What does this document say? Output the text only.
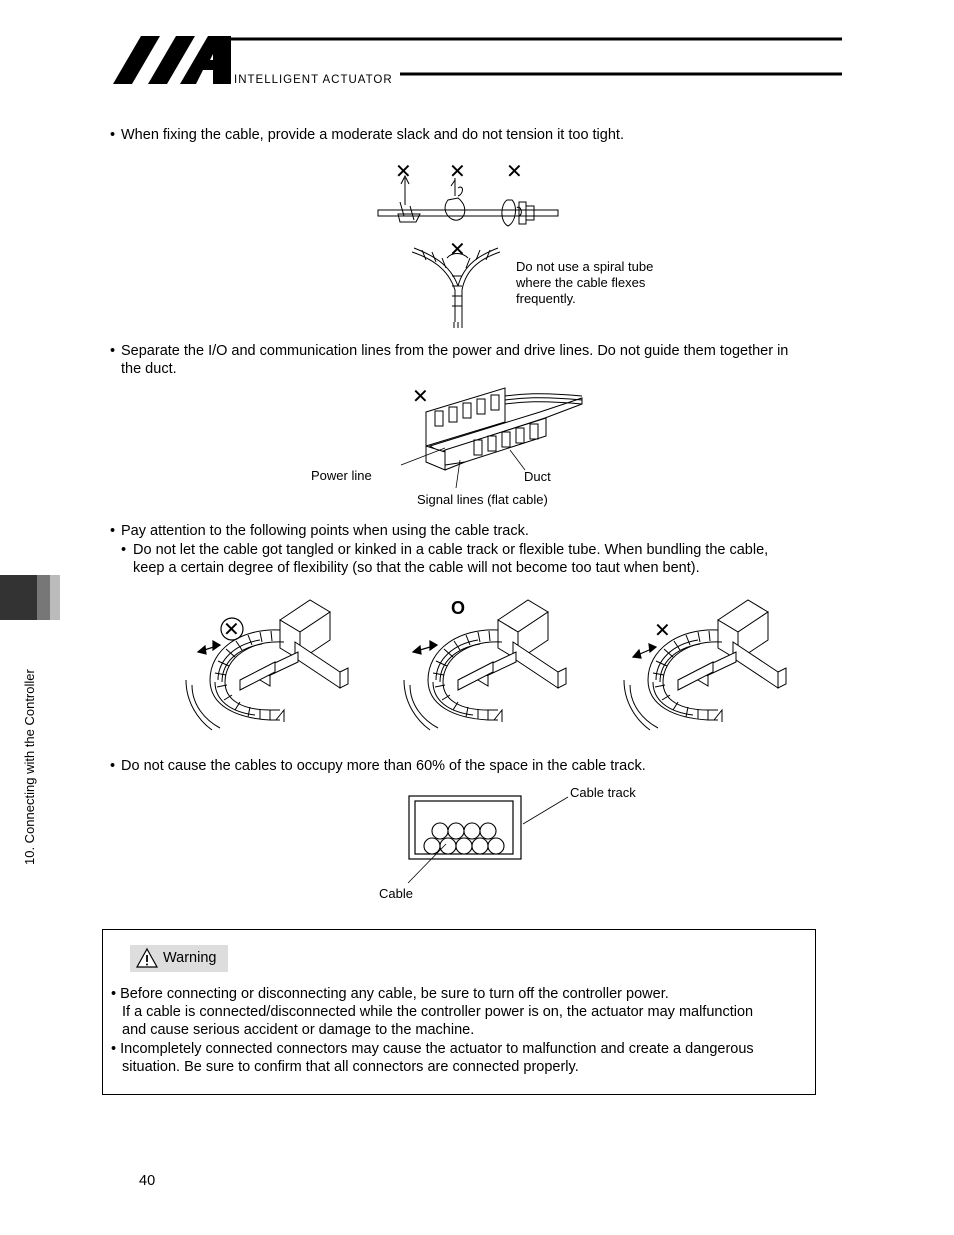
INTELLIGENT ACTUATOR
• When fixing the cable, provide a moderate slack and do not tension it too tight.
✕ ✕ ✕
✕
Do not use a spiral tube
where the cable flexes
frequently.
• Separate the I/O and communication lines from the power and drive lines. Do not guide them together in
the duct.
✕
Power line	Duct
Signal lines (flat cable)
• Pay attention to the following points when using the cable track.
• Do not let the cable got tangled or kinked in a cable track or flexible tube. When bundling the cable,
keep a certain degree of flexibility (so that the cable will not become too taut when bent).
✕
O
✕
• Do not cause the cables to occupy more than 60% of the space in the cable track.
Cable track
Cable
Warning
• Before connecting or disconnecting any cable, be sure to turn off the controller power.
If a cable is connected/disconnected while the controller power is on, the actuator may malfunction
and cause serious accident or damage to the machine.
• Incompletely connected connectors may cause the actuator to malfunction and create a dangerous
situation. Be sure to confirm that all connectors are connected properly.
10. Connecting with the Controller
40
